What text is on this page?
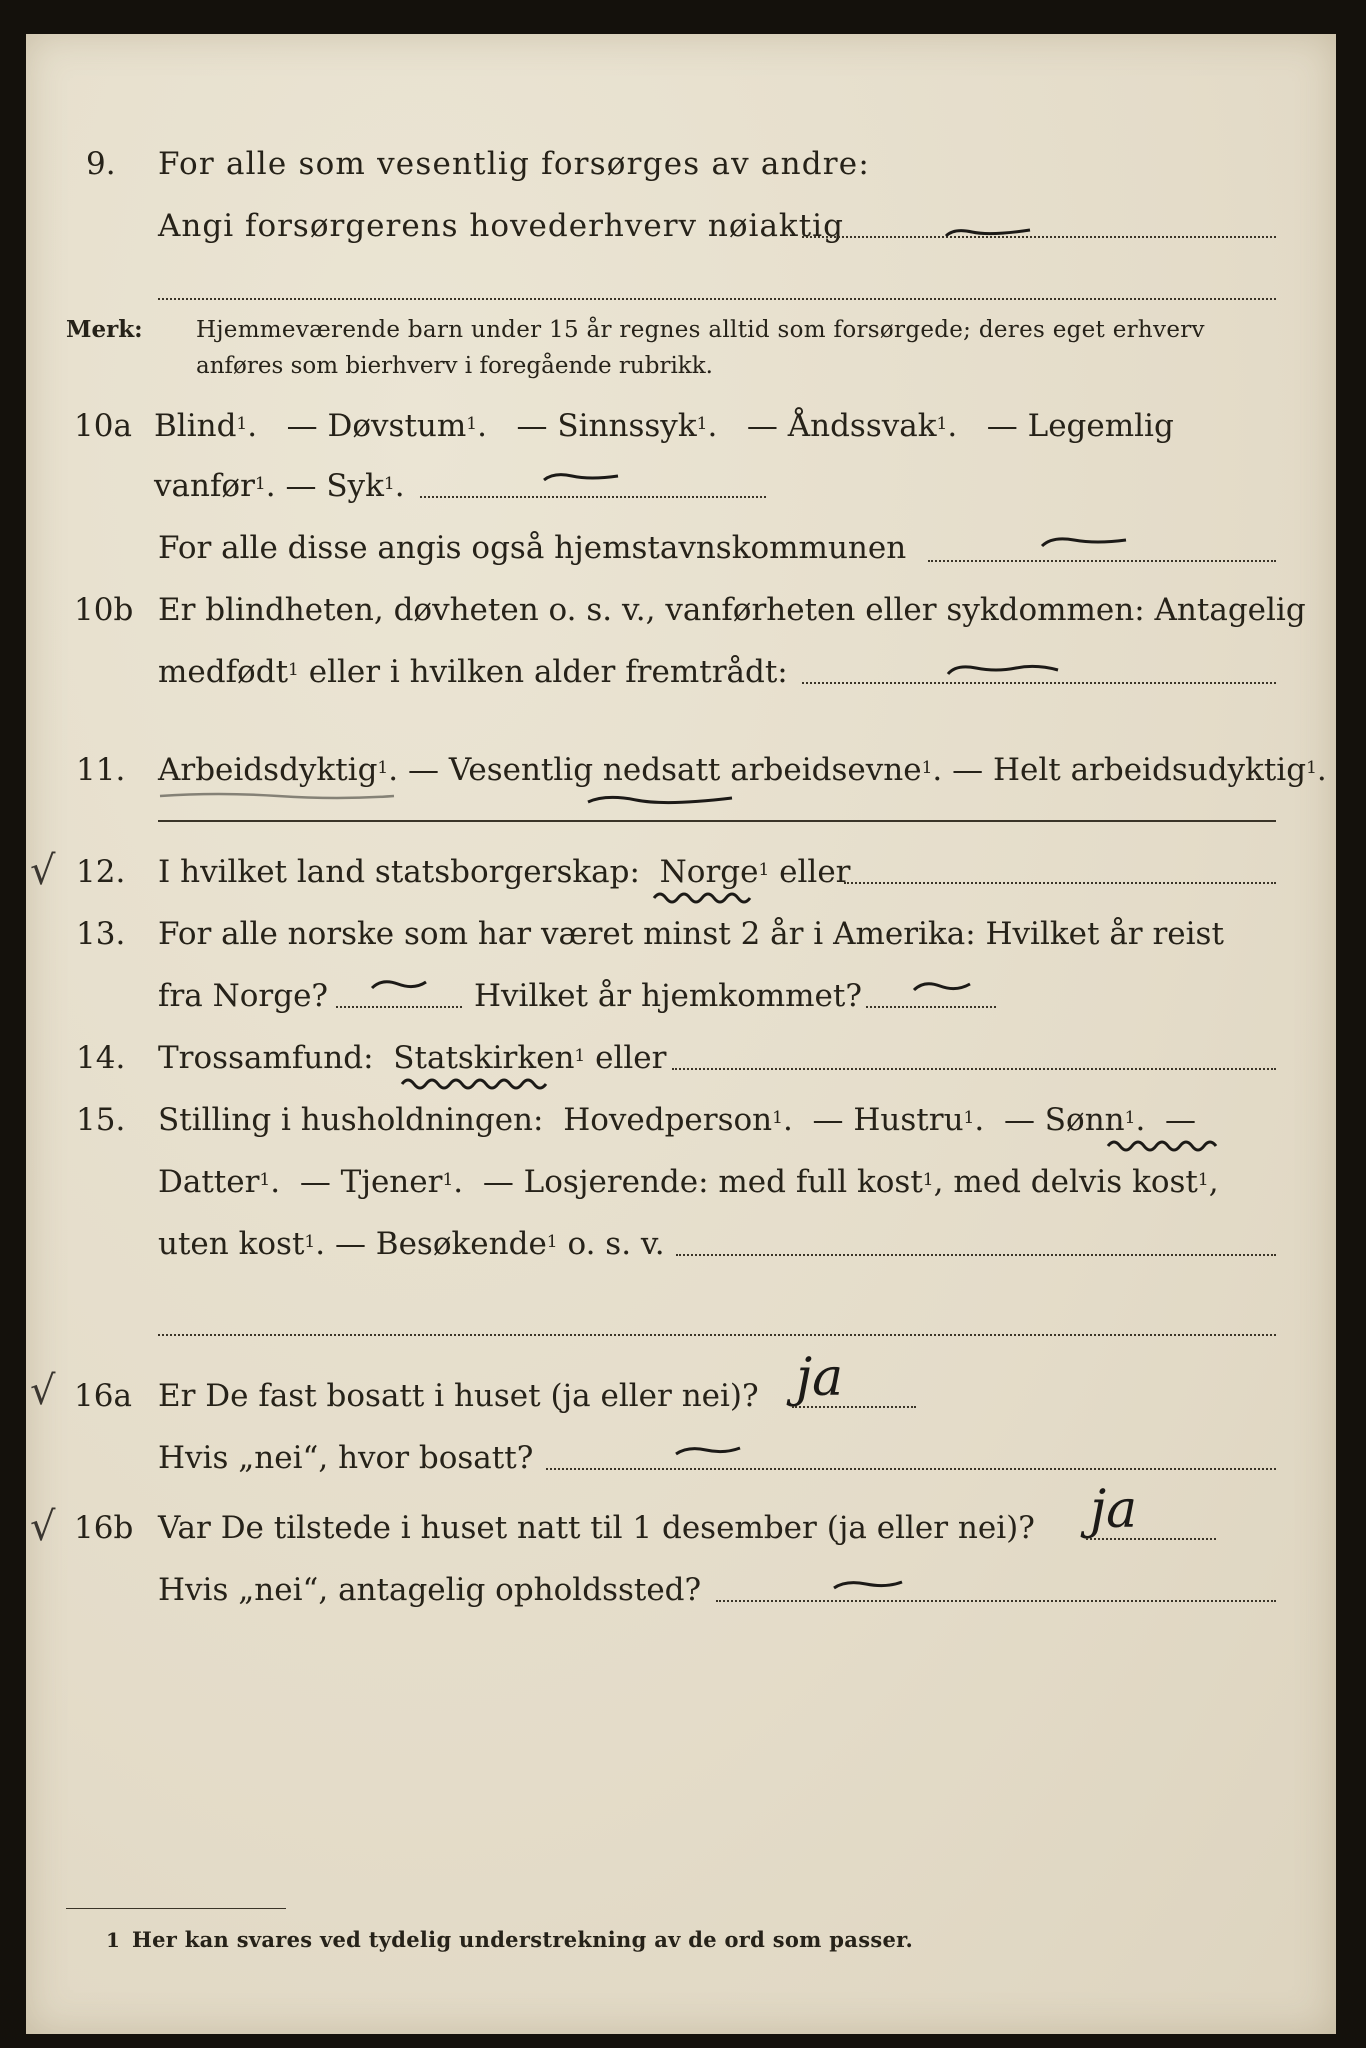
9. For alle som vesentlig forsørges av andre:
Angi forsørgerens hovederhverv nøiaktig
Merk: Hjemmeværende barn under 15 år regnes alltid som forsørgede; deres eget erhverv
anføres som bierhverv i foregående rubrikk.
10a Blind$^1$.   — Døvstum$^1$.   — Sinnssyk$^1$.   — Åndssvak$^1$.   — Legemlig
vanfør$^1$. — Syk$^1$.
For alle disse angis også hjemstavnskommunen
10b Er blindheten, døvheten o. s. v., vanførheten eller sykdommen: Antagelig
medfødt$^1$ eller i hvilken alder fremtrådt:
11. Arbeidsdyktig$^1$. — Vesentlig nedsatt arbeidsevne$^1$. — Helt arbeidsudyktig$^1$.
√ 12. I hvilket land statsborgerskap: Norge$^1$ eller
13. For alle norske som har været minst 2 år i Amerika: Hvilket år reist
fra Norge?	Hvilket år hjemkommet?
14. Trossamfund: Statskirken$^1$ eller
15. Stilling i husholdningen: Hovedperson$^1$.  — Hustru$^1$.  — Sønn$^1$.  —
Datter$^1$.  — Tjener$^1$.  — Losjerende: med full kost$^1$, med delvis kost$^1$,
uten kost$^1$. — Besøkende$^1$ o. s. v.
√ 16a Er De fast bosatt i huset (ja eller nei)? ja
Hvis „nei“, hvor bosatt?
√ 16b Var De tilstede i huset natt til 1 desember (ja eller nei)? ja
Hvis „nei“, antagelig opholdssted?
1 Her kan svares ved tydelig understrekning av de ord som passer.
